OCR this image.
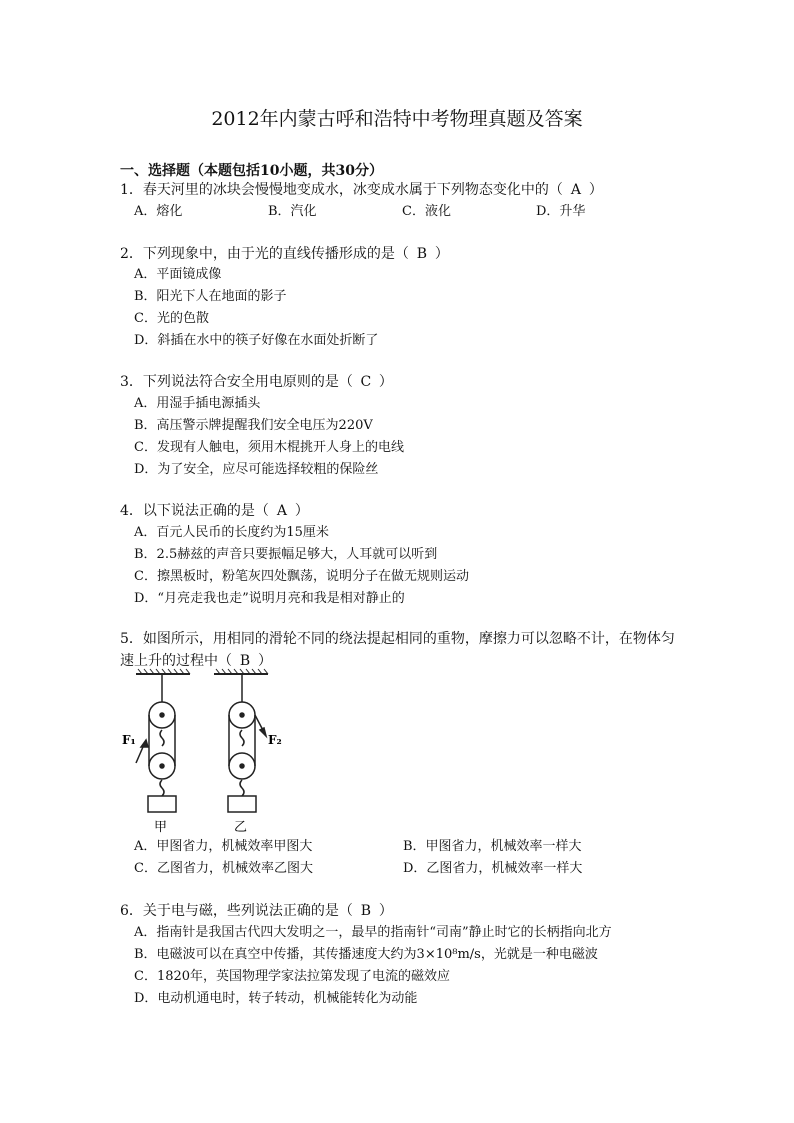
2012年内蒙古呼和浩特中考物理真题及答案
一、选择题（本题包括10小题，共30分）
1．春天河里的冰块会慢慢地变成水，冰变成水属于下列物态变化中的（ A ）
A．熔化	B．汽化	C．液化	D．升华
2．下列现象中，由于光的直线传播形成的是（ B ）
A．平面镜成像
B．阳光下人在地面的影子
C．光的色散
D．斜插在水中的筷子好像在水面处折断了
3．下列说法符合安全用电原则的是（ C ）
A．用湿手插电源插头
B．高压警示牌提醒我们安全电压为220V
C．发现有人触电，须用木棍挑开人身上的电线
D．为了安全，应尽可能选择较粗的保险丝
4．以下说法正确的是（ A ）
A．百元人民币的长度约为15厘米
B．2.5赫兹的声音只要振幅足够大，人耳就可以听到
C．擦黑板时，粉笔灰四处飘荡，说明分子在做无规则运动
D．“月亮走我也走”说明月亮和我是相对静止的
5．如图所示，用相同的滑轮不同的绕法提起相同的重物，摩擦力可以忽略不计，在物体匀速上升的过程中（ B ）
F₁
甲
F₂
乙
A．甲图省力，机械效率甲图大	B．甲图省力，机械效率一样大
C．乙图省力，机械效率乙图大	D．乙图省力，机械效率一样大
6．关于电与磁，些列说法正确的是（ B ）
A．指南针是我国古代四大发明之一，最早的指南针“司南”静止时它的长柄指向北方
B．电磁波可以在真空中传播，其传播速度大约为3×10⁸m/s，光就是一种电磁波
C．1820年，英国物理学家法拉第发现了电流的磁效应
D．电动机通电时，转子转动，机械能转化为动能
